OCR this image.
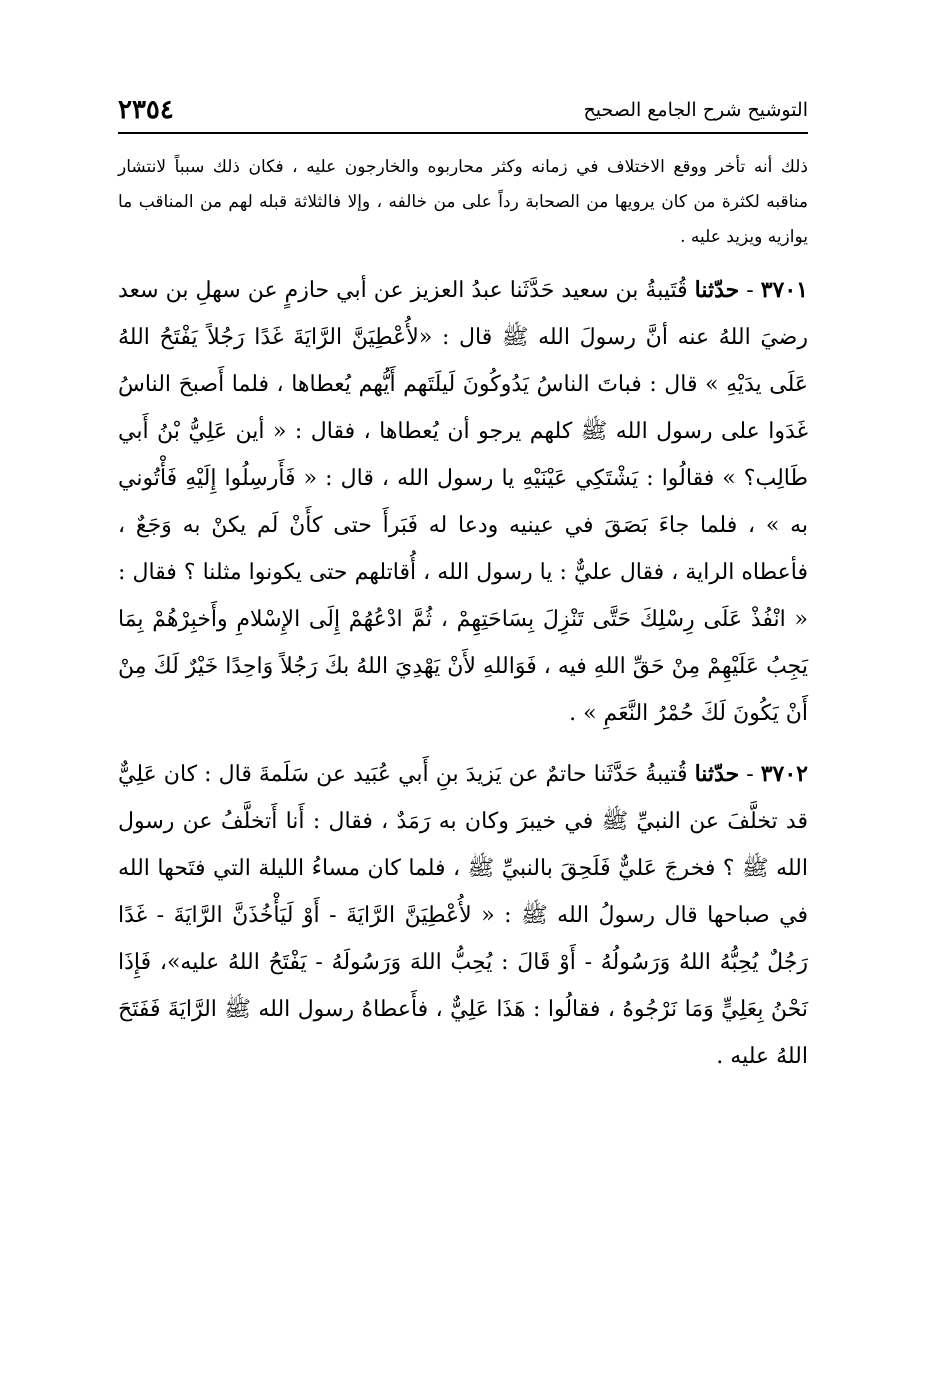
٢٣٥٤	التوشيح شرح الجامع الصحيح

ذلك أنه تأخر ووقع الاختلاف في زمانه وكثر محاربوه والخارجون عليه ، فكان ذلك سبباً لانتشار مناقبه لكثرة من كان يرويها من الصحابة رداً على من خالفه ، وإلا فالثلاثة قبله لهم من المناقب ما يوازيه ويزيد عليه .

٣٧٠١ - حدّثنا قُتَيبةُ بن سعيد حَدَّثَنا عبدُ العزيز عن أبي حازمٍ عن سهلِ بن سعد رضيَ اللهُ عنه أنَّ رسولَ الله ﷺ قال : «لأُعْطِيَنَّ الرَّايَةَ غَدًا رَجُلاً يَفْتَحُ اللهُ عَلَى يدَيْهِ » قال : فباتَ الناسُ يَدُوكُونَ لَيلَتَهم أَيُّهم يُعطاها ، فلما أَصبحَ الناسُ غَدَوا على رسول الله ﷺ كلهم يرجو أن يُعطاها ، فقال : « أين عَلِيُّ بْنُ أَبي طَالِب؟ » فقالُوا : يَشْتَكِي عَيْنَيْهِ يا رسول الله ، قال : « فَأَرسِلُوا إِلَيْهِ فَأْتُوني به » ، فلما جاءَ بَصَقَ في عينيه ودعا له فَبَرأَ حتى كأَنْ لَم يكنْ به وَجَعٌ ، فأعطاه الراية ، فقال عليٌّ : يا رسول الله ، أُقاتلهم حتى يكونوا مثلنا ؟ فقال : « انْفُذْ عَلَى رِسْلِكَ حَتَّى تَنْزِلَ بِسَاحَتِهِمْ ، ثُمَّ ادْعُهُمْ إِلَى الإِسْلامِ وأَخبِرْهُمْ بِمَا يَجِبُ عَلَيْهِمْ مِنْ حَقِّ اللهِ فيه ، فَوَاللهِ لأَنْ يَهْدِيَ اللهُ بكَ رَجُلاً وَاحِدًا خَيْرٌ لَكَ مِنْ أَنْ يَكُونَ لَكَ حُمْرُ النَّعَمِ » .

٣٧٠٢ - حدّثنا قُتيبةُ حَدَّثَنا حاتمٌ عن يَزيدَ بنِ أَبي عُبَيد عن سَلَمةَ قال : كان عَلِيٌّ قد تخلَّفَ عن النبيِّ ﷺ في خيبرَ وكان به رَمَدٌ ، فقال : أَنا أَتخلَّفُ عن رسول الله ﷺ ؟ فخرجَ عَليٌّ فَلَحِقَ بالنبيِّ ﷺ ، فلما كان مساءُ الليلة التي فتَحها الله في صباحها قال رسولُ الله ﷺ : « لأُعْطِيَنَّ الرَّايَةَ - أَوْ لَيَأْخُذَنَّ الرَّايَةَ - غَدًا رَجُلٌ يُحِبُّهُ اللهُ وَرَسُولُهُ - أَوْ قَالَ : يُحِبُّ اللهَ وَرَسُولَهُ - يَفْتَحُ اللهُ عليه»، فَإِذَا نَحْنُ بِعَلِيٍّ وَمَا نَرْجُوهُ ، فقالُوا : هَذَا عَلِيٌّ ، فأَعطاهُ رسول الله ﷺ الرَّايَةَ فَفَتَحَ اللهُ عليه .
